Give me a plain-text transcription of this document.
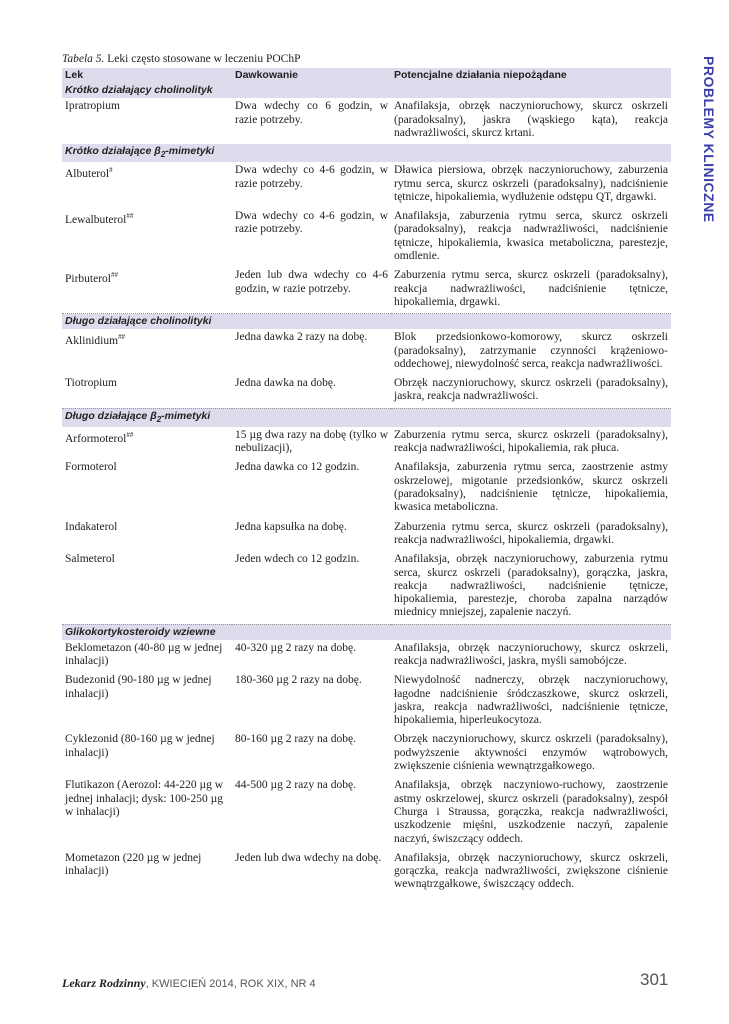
Tabela 5. Leki często stosowane w leczeniu POChP	PROBLEMY KLINICZNE
Lek	Dawkowanie	Potencjalne działania niepożądane
Krótko działający cholinolityk		
Ipratropium	Dwa wdechy co 6 godzin, w razie potrzeby.	Anafilaksja, obrzęk naczynioruchowy, skurcz oskrzeli (paradoksalny), jaskra (wąskiego kąta), reakcja nadwrażliwości, skurcz krtani.
Krótko działające $\beta_2$-mimetyki		
Albuterol#	Dwa wdechy co 4-6 godzin, w razie potrzeby.	Dławica piersiowa, obrzęk naczynioruchowy, zaburzenia rytmu serca, skurcz oskrzeli (paradoksalny), nadciśnienie tętnicze, hipokaliemia, wydłużenie odstępu QT, drgawki.
Lewalbuterol##	Dwa wdechy co 4-6 godzin, w razie potrzeby.	Anafilaksja, zaburzenia rytmu serca, skurcz oskrzeli (paradoksalny), reakcja nadwrażliwości, nadciśnienie tętnicze, hipokaliemia, kwasica metaboliczna, parestezje, omdlenie.
Pirbuterol##	Jeden lub dwa wdechy co 4-6 godzin, w razie potrzeby.	Zaburzenia rytmu serca, skurcz oskrzeli (paradoksalny), reakcja nadwrażliwości, nadciśnienie tętnicze, hipokaliemia, drgawki.
Długo działające cholinolityki		
Aklinidium##	Jedna dawka 2 razy na dobę.	Blok przedsionkowo-komorowy, skurcz oskrzeli (paradoksalny), zatrzymanie czynności krążeniowo-oddechowej, niewydolność serca, reakcja nadwrażliwości.
Tiotropium	Jedna dawka na dobę.	Obrzęk naczynioruchowy, skurcz oskrzeli (paradoksalny), jaskra, reakcja nadwrażliwości.
Długo działające $\beta_2$-mimetyki		
Arformoterol##	15 µg dwa razy na dobę (tylko w nebulizacji),	Zaburzenia rytmu serca, skurcz oskrzeli (paradoksalny), reakcja nadwrażliwości, hipokaliemia, rak płuca.
Formoterol	Jedna dawka co 12 godzin.	Anafilaksja, zaburzenia rytmu serca, zaostrzenie astmy oskrzelowej, migotanie przedsionków, skurcz oskrzeli (paradoksalny), nadciśnienie tętnicze, hipokaliemia, kwasica metaboliczna.
Indakaterol	Jedna kapsułka na dobę.	Zaburzenia rytmu serca, skurcz oskrzeli (paradoksalny), reakcja nadwrażliwości, hipokaliemia, drgawki.
Salmeterol	Jeden wdech co 12 godzin.	Anafilaksja, obrzęk naczynioruchowy, zaburzenia rytmu serca, skurcz oskrzeli (paradoksalny), gorączka, jaskra, reakcja nadwrażliwości, nadciśnienie tętnicze, hipokaliemia, parestezje, choroba zapalna narządów miednicy mniejszej, zapalenie naczyń.
Glikokortykosteroidy wziewne		
Beklometazon (40-80 µg w jednej inhalacji)	40-320 µg 2 razy na dobę.	Anafilaksja, obrzęk naczynioruchowy, skurcz oskrzeli, reakcja nadwrażliwości, jaskra, myśli samobójcze.
Budezonid (90-180 µg w jednej inhalacji)	180-360 µg 2 razy na dobę.	Niewydolność nadnerczy, obrzęk naczynioruchowy, łagodne nadciśnienie śródczaszkowe, skurcz oskrzeli, jaskra, reakcja nadwrażliwości, nadciśnienie tętnicze, hipokaliemia, hiperleukocytoza.
Cyklezonid (80-160 µg w jednej inhalacji)	80-160 µg 2 razy na dobę.	Obrzęk naczynioruchowy, skurcz oskrzeli (paradoksalny), podwyższenie aktywności enzymów wątrobowych, zwiększenie ciśnienia wewnątrzgałkowego.
Flutikazon (Aerozol: 44-220 µg w jednej inhalacji; dysk: 100-250 µg w inhalacji)	44-500 µg 2 razy na dobę.	Anafilaksja, obrzęk naczyniowo-ruchowy, zaostrzenie astmy oskrzelowej, skurcz oskrzeli (paradoksalny), zespół Churga i Straussa, gorączka, reakcja nadwrażliwości, uszkodzenie mięśni, uszkodzenie naczyń, zapalenie naczyń, świszczący oddech.
Mometazon (220 µg w jednej inhalacji)	Jeden lub dwa wdechy na dobę.	Anafilaksja, obrzęk naczynioruchowy, skurcz oskrzeli, gorączka, reakcja nadwrażliwości, zwiększone ciśnienie wewnątrzgałkowe, świszczący oddech.
Lekarz Rodzinny, KWIECIEŃ 2014, ROK XIX, NR 4	301
